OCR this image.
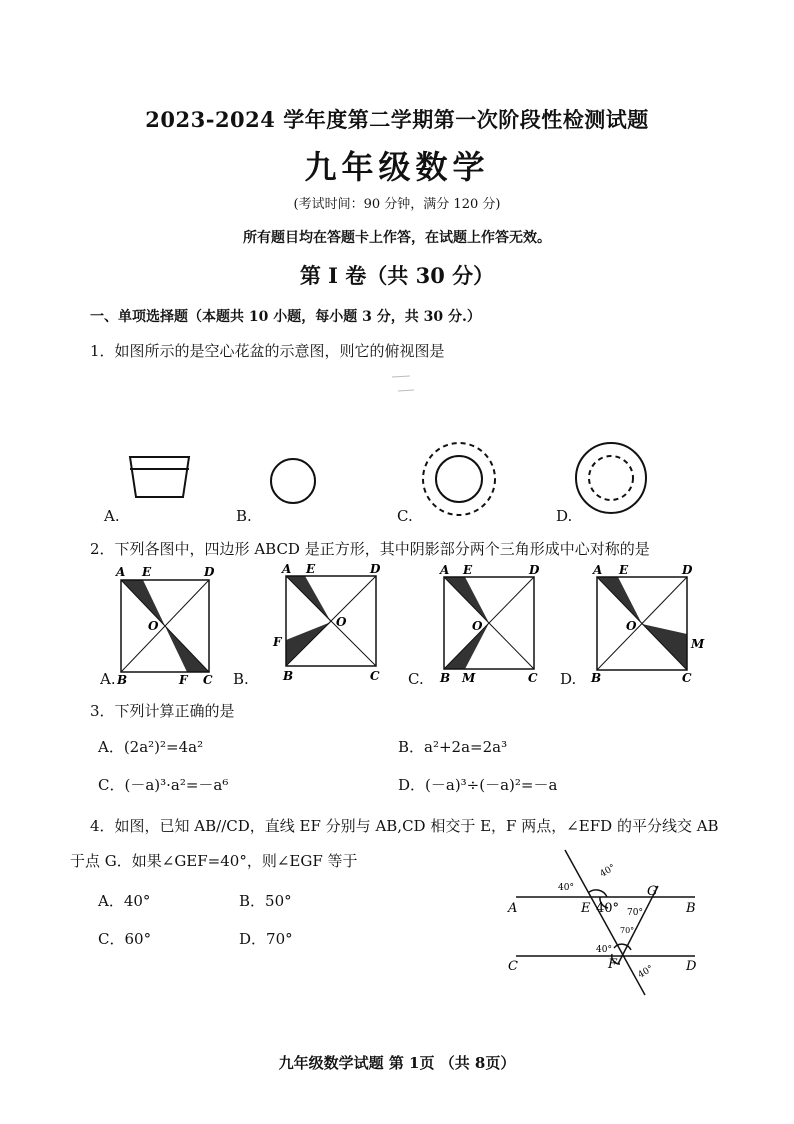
2023-2024 学年度第二学期第一次阶段性检测试题
九年级数学
(考试时间：90 分钟，满分 120 分)
所有题目均在答题卡上作答，在试题上作答无效。
第 I 卷（共 30 分）
一、单项选择题（本题共 10 小题，每小题 3 分，共 30 分.）
1．如图所示的是空心花盆的示意图，则它的俯视图是
A.	B.	C.	D.
2．下列各图中，四边形 ABCD 是正方形，其中阴影部分两个三角形成中心对称的是
A E	D
O
B	F C
A E	D
O
F
B	C
A E	D
O
B M	C
A E	D
O
M
B	C
A.	B.	C.	D.
3．下列计算正确的是
A．(2a²)²=4a²	B．a²+2a=2a³
C．(－a)³·a²=－a⁶	D．(－a)³÷(－a)²=－a
4．如图，已知 AB//CD，直线 EF 分别与 AB,CD 相交于 E，F 两点，∠EFD 的平分线交 AB
于点 G．如果∠GEF=40°，则∠EGF 等于
A．40°	B．50°
C．60°	D．70°
A	B
C	D
E
G
F
40°
40°
40°
70°
70°
40°
40°
九年级数学试题 第 1页 （共 8页）
